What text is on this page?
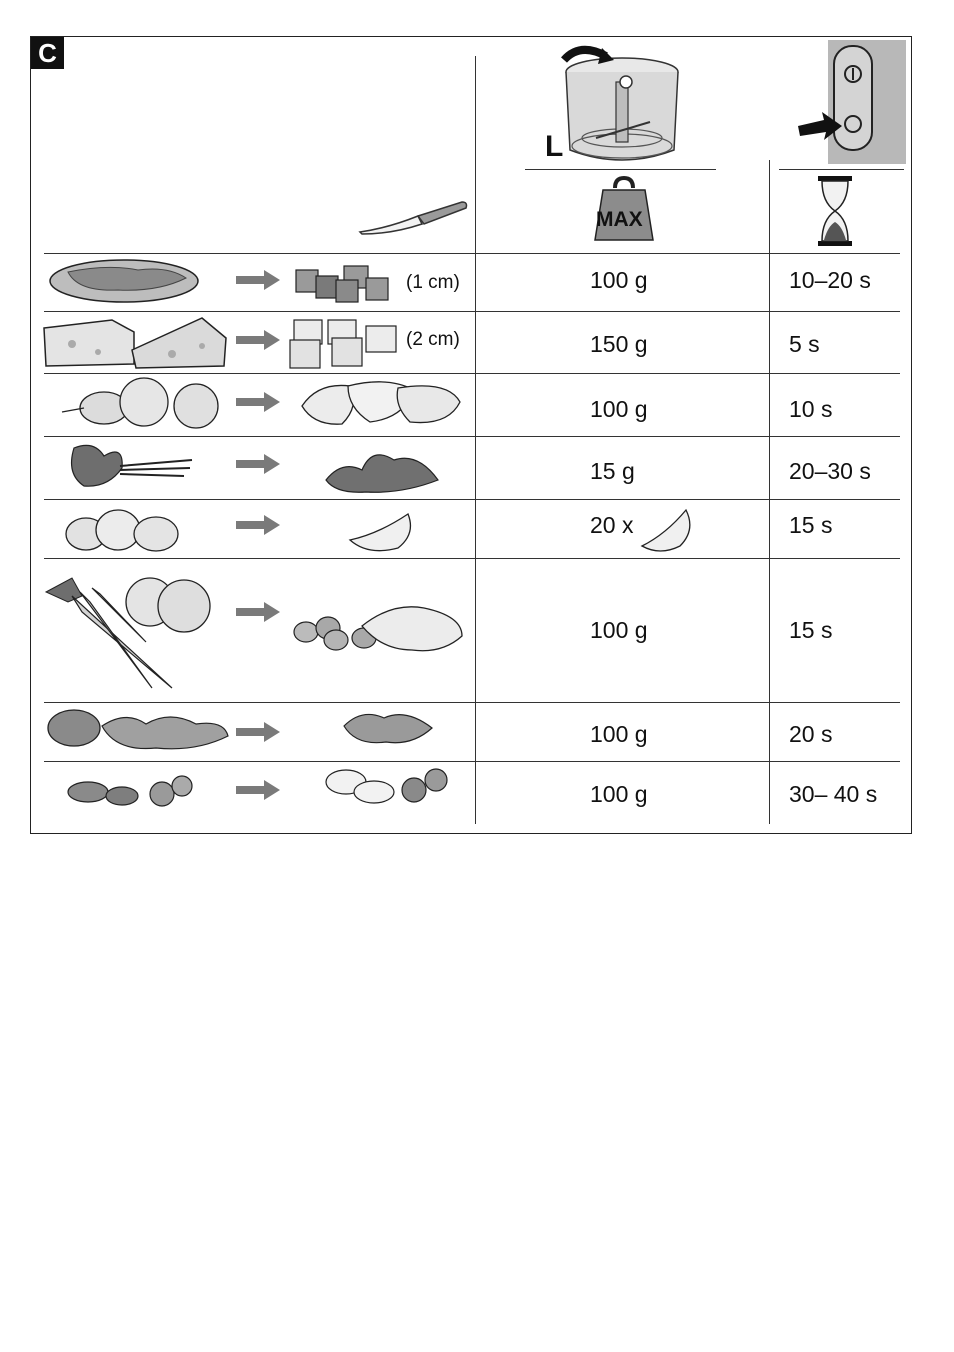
C
L
MAX
(1 cm)	100 g	10–20 s
(2 cm)	150 g	5 s
100 g	10 s
15 g	20–30 s
20 x	15 s
100 g	15 s
100 g	20 s
100 g	30– 40 s
